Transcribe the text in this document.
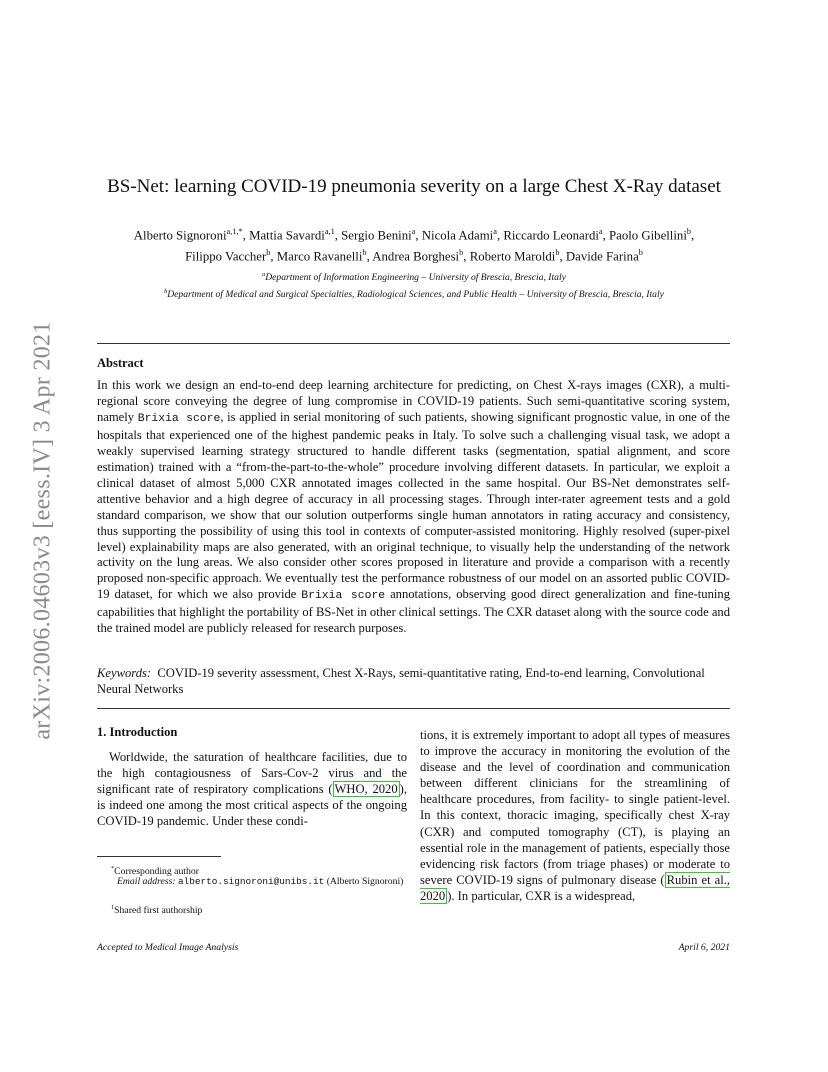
arXiv:2006.04603v3 [eess.IV] 3 Apr 2021
BS-Net: learning COVID-19 pneumonia severity on a large Chest X-Ray dataset
Alberto Signoroni$^{a,1,*}$, Mattia Savardi$^{a,1}$, Sergio Benini$^a$, Nicola Adami$^a$, Riccardo Leonardi$^a$, Paolo Gibellini$^b$,
Filippo Vaccher$^b$, Marco Ravanelli$^b$, Andrea Borghesi$^b$, Roberto Maroldi$^b$, Davide Farina$^b$
$^a$Department of Information Engineering – University of Brescia, Brescia, Italy
$^b$Department of Medical and Surgical Specialties, Radiological Sciences, and Public Health – University of Brescia, Brescia, Italy
Abstract

In this work we design an end-to-end deep learning architecture for predicting, on Chest X-rays images (CXR), a multi-regional score conveying the degree of lung compromise in COVID-19 patients. Such semi-quantitative scoring system, namely Brixia score, is applied in serial monitoring of such patients, showing significant prognostic value, in one of the hospitals that experienced one of the highest pandemic peaks in Italy. To solve such a challenging visual task, we adopt a weakly supervised learning strategy structured to handle different tasks (segmentation, spatial alignment, and score estimation) trained with a “from-the-part-to-the-whole” procedure involving different datasets. In particular, we exploit a clinical dataset of almost 5,000 CXR annotated images collected in the same hospital. Our BS-Net demonstrates self-attentive behavior and a high degree of accuracy in all processing stages. Through inter-rater agreement tests and a gold standard comparison, we show that our solution outperforms single human annotators in rating accuracy and consistency, thus supporting the possibility of using this tool in contexts of computer-assisted monitoring. Highly resolved (super-pixel level) explainability maps are also generated, with an original technique, to visually help the understanding of the network activity on the lung areas. We also consider other scores proposed in literature and provide a comparison with a recently proposed non-specific approach. We eventually test the performance robustness of our model on an assorted public COVID-19 dataset, for which we also provide Brixia score annotations, observing good direct generalization and fine-tuning capabilities that highlight the portability of BS-Net in other clinical settings. The CXR dataset along with the source code and the trained model are publicly released for research purposes.

Keywords: COVID-19 severity assessment, Chest X-Rays, semi-quantitative rating, End-to-end learning, Convolutional Neural Networks

1. Introduction

Worldwide, the saturation of healthcare facilities, due to the high contagiousness of Sars-Cov-2 virus and the significant rate of respiratory complications ( WHO, 2020 ), is indeed one among the most critical aspects of the ongoing COVID-19 pandemic. Under these condi-

tions, it is extremely important to adopt all types of measures to improve the accuracy in monitoring the evolution of the disease and the level of coordination and communication between different clinicians for the streamlining of healthcare procedures, from facility- to single patient-level. In this context, thoracic imaging, specifically chest X-ray (CXR) and computed tomography (CT), is playing an essential role in the management of patients, especially those evidencing risk factors (from triage phases) or moderate to severe COVID-19 signs of pulmonary disease ( Rubin et al., 2020 ). In particular, CXR is a widespread,

*Corresponding author
Email address: alberto.signoroni@unibs.it (Alberto Signoroni)
$^1$Shared first authorship
Accepted to Medical Image Analysis	April 6, 2021
